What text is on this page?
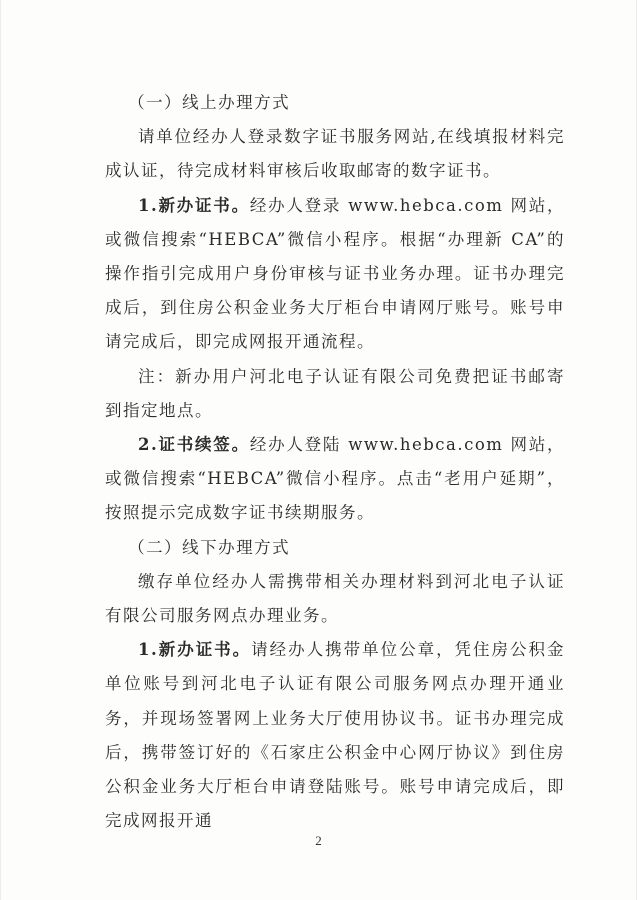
（一）线上办理方式

请单位经办人登录数字证书服务网站,在线填报材料完成认证，待完成材料审核后收取邮寄的数字证书。

1.新办证书。经办人登录 www.hebca.com 网站，或微信搜索“HEBCA”微信小程序。根据“办理新 CA”的操作指引完成用户身份审核与证书业务办理。证书办理完成后，到住房公积金业务大厅柜台申请网厅账号。账号申请完成后，即完成网报开通流程。

注：新办用户河北电子认证有限公司免费把证书邮寄到指定地点。

2.证书续签。经办人登陆 www.hebca.com 网站，或微信搜索“HEBCA”微信小程序。点击“老用户延期”，按照提示完成数字证书续期服务。

（二）线下办理方式

缴存单位经办人需携带相关办理材料到河北电子认证有限公司服务网点办理业务。

1.新办证书。请经办人携带单位公章，凭住房公积金单位账号到河北电子认证有限公司服务网点办理开通业务，并现场签署网上业务大厅使用协议书。证书办理完成后，携带签订好的《石家庄公积金中心网厅协议》到住房公积金业务大厅柜台申请登陆账号。账号申请完成后，即完成网报开通

2
